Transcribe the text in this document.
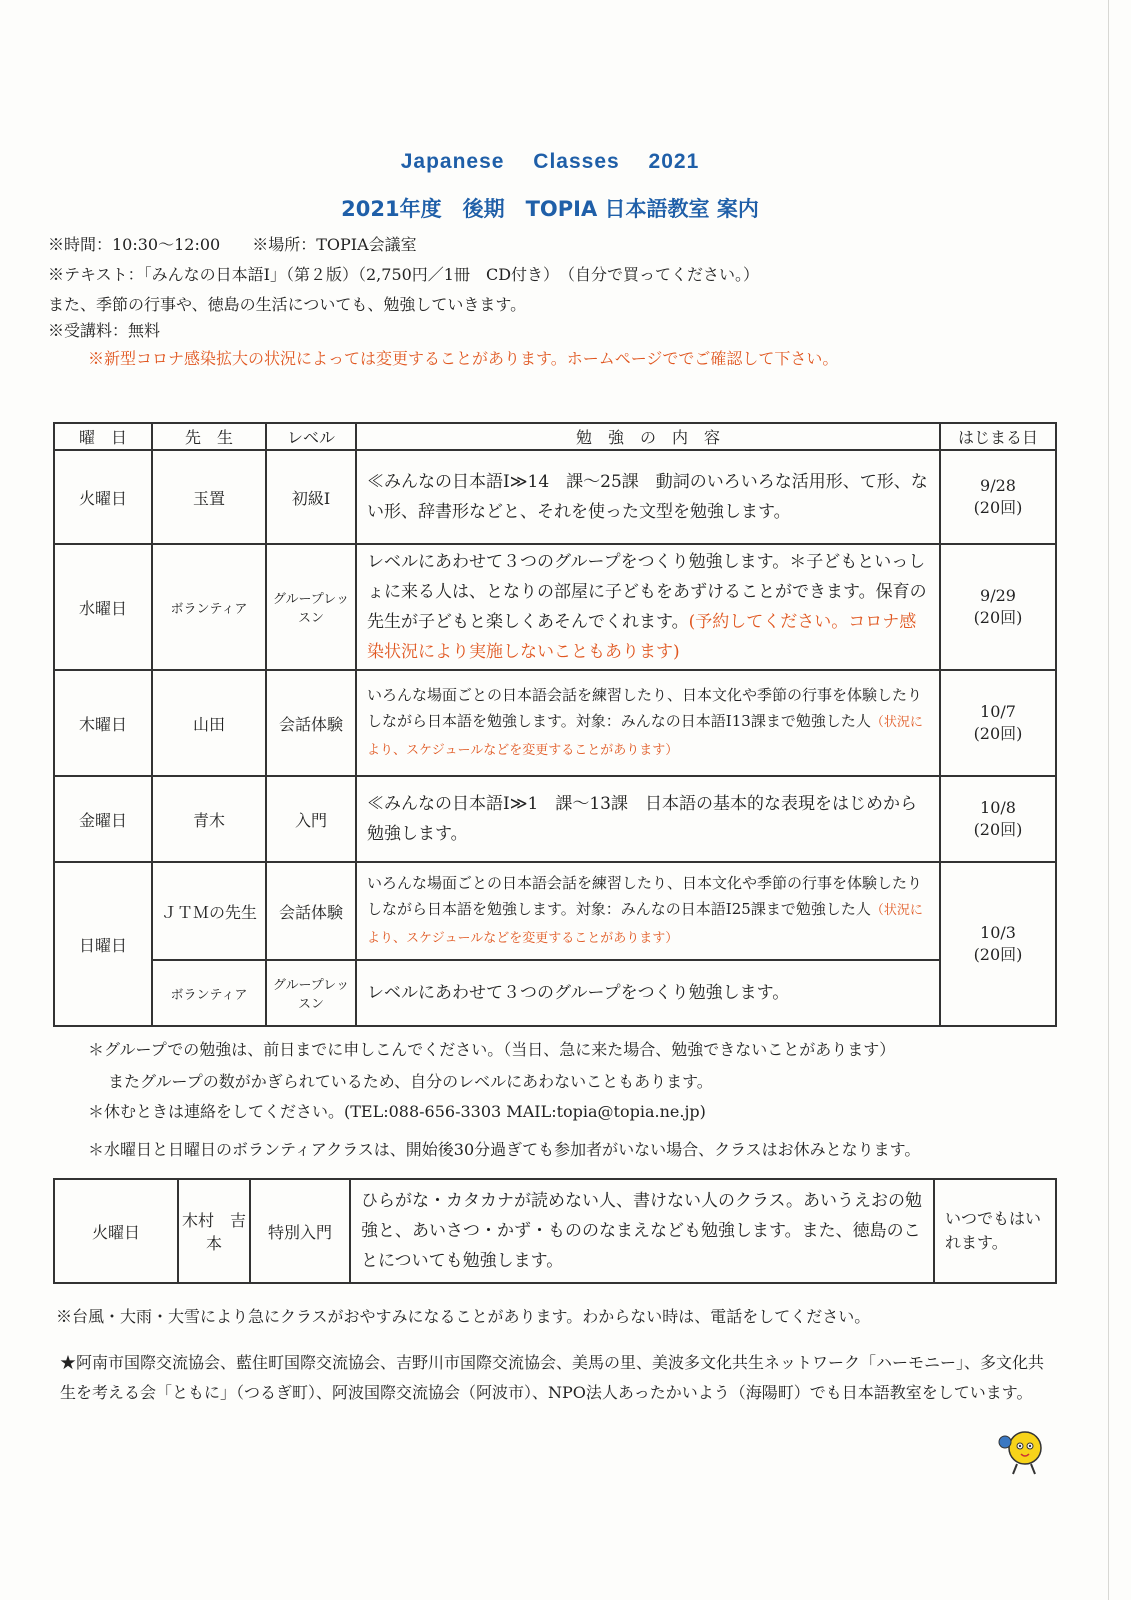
Japanese Classes 2021
2021年度　後期　TOPIA 日本語教室 案内
※時間：10:30〜12:00　　※場所：TOPIA会議室
※テキスト：「みんなの日本語Ⅰ」（第２版）（2,750円／1冊　CD付き）　（自分で買ってください。）
また、季節の行事や、徳島の生活についても、勉強していきます。
※受講料：無料
※新型コロナ感染拡大の状況によっては変更することがあります。ホームページででご確認して下さい。
曜　日	先　生	レベル	勉　強　の　内　容	はじまる日
火曜日	玉置	初級Ⅰ	≪みんなの日本語Ⅰ≫14　課〜25課　動詞のいろいろな活用形、て形、ない形、辞書形などと、それを使った文型を勉強します。	9/28
(20回)

水曜日	ボランティア	グループレッスン	レベルにあわせて３つのグループをつくり勉強します。＊子どもといっしょに来る人は、となりの部屋に子どもをあずけることができます。保育の先生が子どもと楽しくあそんでくれます。(予約してください。コロナ感染状況により実施しないこともあります)	9/29
(20回)

木曜日	山田	会話体験	いろんな場面ごとの日本語会話を練習したり、日本文化や季節の行事を体験したりしながら日本語を勉強します。対象：みんなの日本語Ⅰ13課まで勉強した人（状況により、スケジュールなどを変更することがあります）	10/7
(20回)

金曜日	青木	入門	≪みんなの日本語Ⅰ≫1　課〜13課　日本語の基本的な表現をはじめから勉強します。	10/8
(20回)

日曜日	ＪＴＭの先生	会話体験	いろんな場面ごとの日本語会話を練習したり、日本文化や季節の行事を体験したりしながら日本語を勉強します。対象：みんなの日本語Ⅰ25課まで勉強した人（状況により、スケジュールなどを変更することがあります）	10/3
(20回)

	ボランティア	グループレッスン	レベルにあわせて３つのグループをつくり勉強します。	
＊グループでの勉強は、前日までに申しこんでください。（当日、急に来た場合、勉強できないことがあります）
またグループの数がかぎられているため、自分のレベルにあわないこともあります。
＊休むときは連絡をしてください。(TEL:088-656-3303 MAIL:topia@topia.ne.jp)
＊水曜日と日曜日のボランティアクラスは、開始後30分過ぎても参加者がいない場合、クラスはお休みとなります。
火曜日	木村　吉本	特別入門	ひらがな・カタカナが読めない人、書けない人のクラス。あいうえおの勉強と、あいさつ・かず・もののなまえなども勉強します。また、徳島のことについても勉強します。	いつでもはいれます。
※台風・大雨・大雪により急にクラスがおやすみになることがあります。わからない時は、電話をしてください。
★阿南市国際交流協会、藍住町国際交流協会、吉野川市国際交流協会、美馬の里、美波多文化共生ネットワーク「ハーモニー」、多文化共生を考える会「ともに」（つるぎ町）、阿波国際交流協会（阿波市）、NPO法人あったかいよう（海陽町）でも日本語教室をしています。
